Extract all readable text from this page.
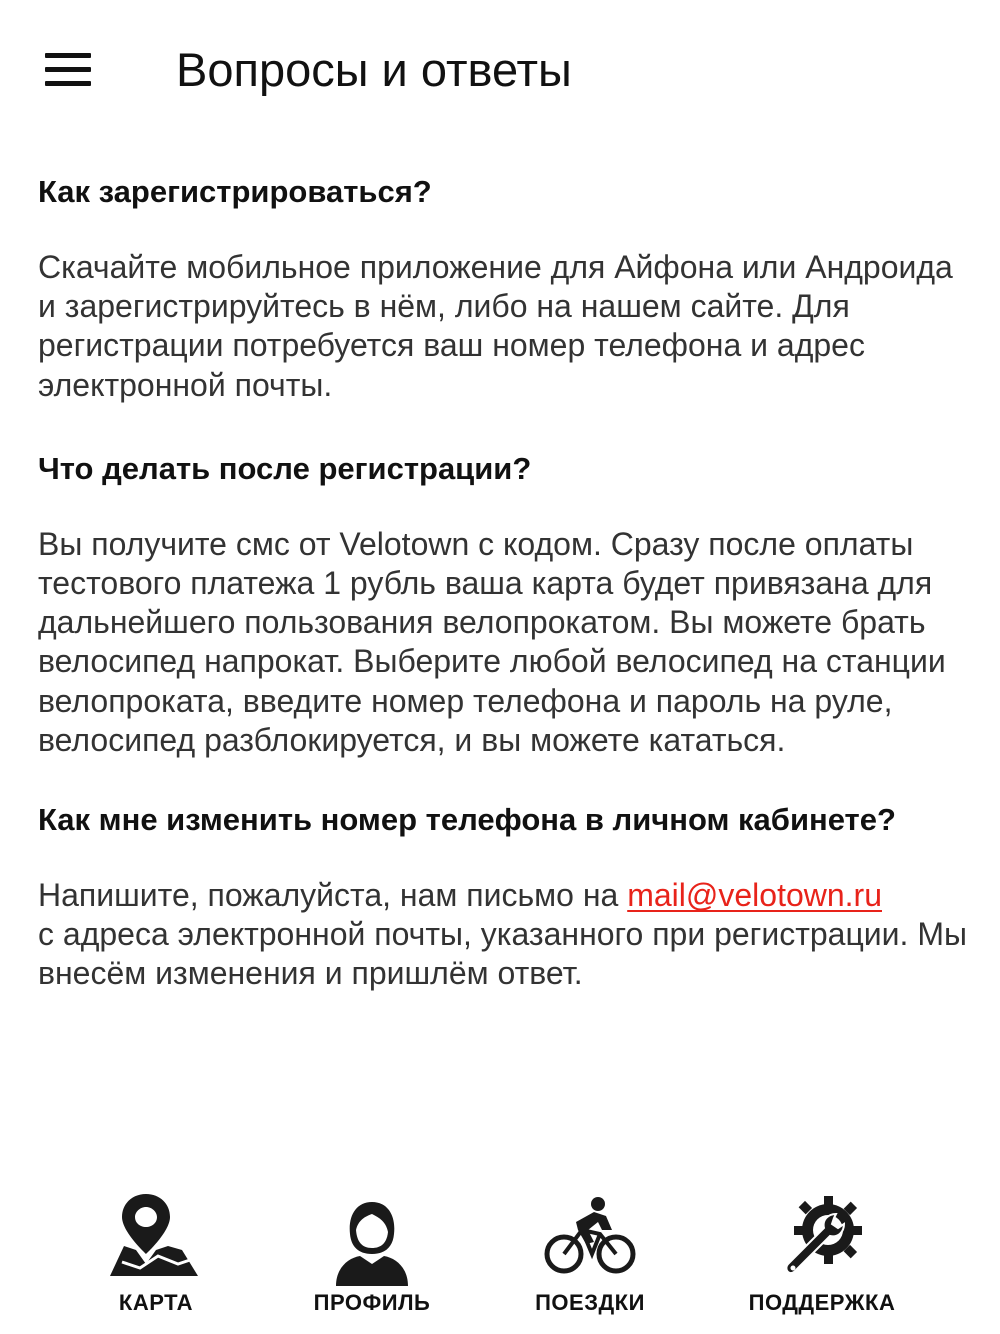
Вопросы и ответы
Как зарегистрироваться?
Скачайте мобильное приложение для Айфона или Андроида и зарегистрируйтесь в нём, либо на нашем сайте. Для регистрации потребуется ваш номер телефона и адрес электронной почты.
Что делать после регистрации?
Вы получите смс от Velotown с кодом. Сразу после оплаты тестового платежа 1 рубль ваша карта будет привязана для дальнейшего пользования велопрокатом. Вы можете брать велосипед напрокат. Выберите любой велосипед на станции велопроката, введите номер телефона и пароль на руле, велосипед разблокируется, и вы можете кататься.
Как мне изменить номер телефона в личном кабинете?
Напишите, пожалуйста, нам письмо на mail@velotown.ru
с адреса электронной почты, указанного при регистрации. Мы внесём изменения и пришлём ответ.
КАРТА	ПРОФИЛЬ	ПОЕЗДКИ	ПОДДЕРЖКА
